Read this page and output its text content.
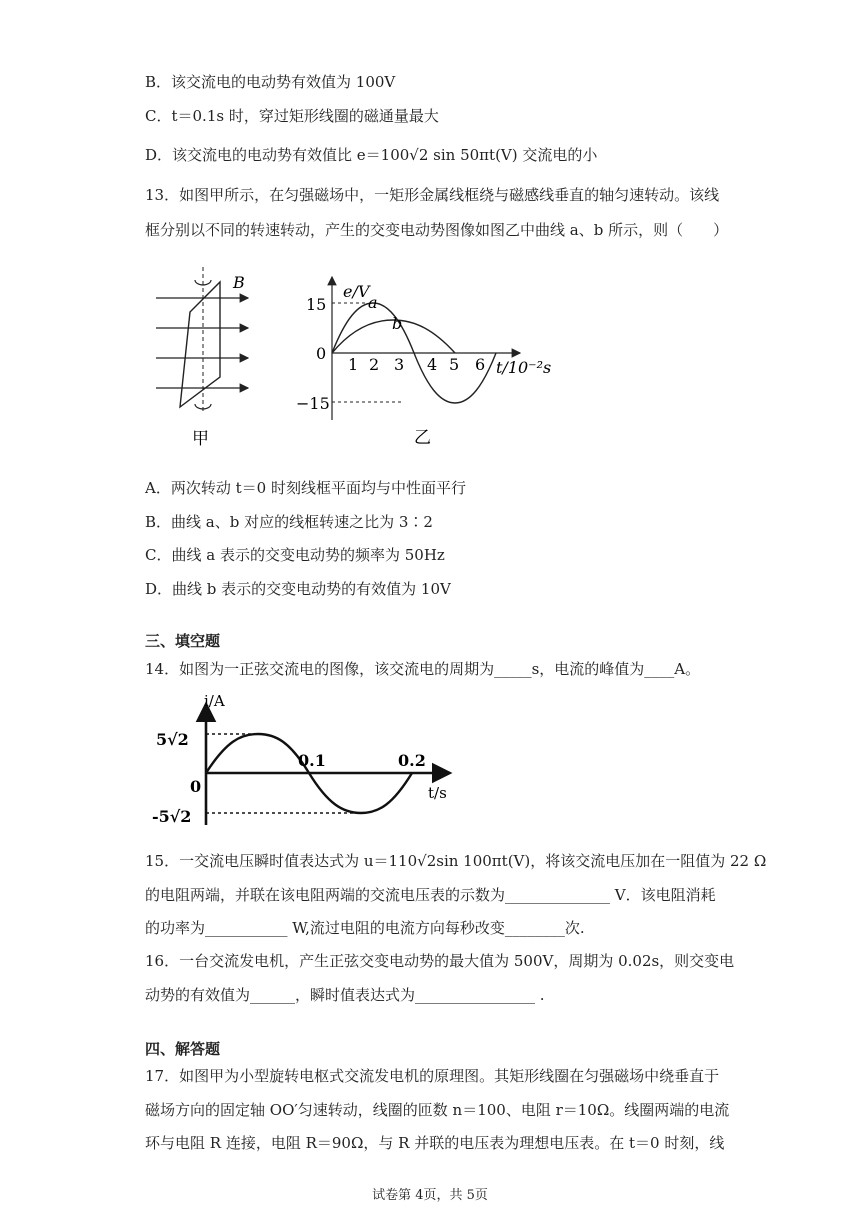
B．该交流电的电动势有效值为 100V
C．t＝0.1s 时，穿过矩形线圈的磁通量最大
D．该交流电的电动势有效值比 e＝100√2 sin 50πt(V) 交流电的小
13．如图甲所示，在匀强磁场中，一矩形金属线框绕与磁感线垂直的轴匀速转动。该线
框分别以不同的转速转动，产生的交变电动势图像如图乙中曲线 a、b 所示，则（　　）
B
甲
e/V
a
b
15
−15
0
1 2 3 4 5 6 t/10⁻²s
乙
A．两次转动 t＝0 时刻线框平面均与中性面平行
B．曲线 a、b 对应的线框转速之比为 3∶2
C．曲线 a 表示的交变电动势的频率为 50Hz
D．曲线 b 表示的交变电动势的有效值为 10V
三、填空题
14．如图为一正弦交流电的图像，该交流电的周期为_____s，电流的峰值为____A。
i/A
5√2
-5√2
0
0.1	0.2
t/s
15．一交流电压瞬时值表达式为 u＝110√2sin 100πt(V)，将该交流电压加在一阻值为 22 Ω
的电阻两端，并联在该电阻两端的交流电压表的示数为______________ V．该电阻消耗
的功率为___________ W,流过电阻的电流方向每秒改变________次.
16．一台交流发电机，产生正弦交变电动势的最大值为 500V，周期为 0.02s，则交变电
动势的有效值为______，瞬时值表达式为________________ .
四、解答题
17．如图甲为小型旋转电枢式交流发电机的原理图。其矩形线圈在匀强磁场中绕垂直于
磁场方向的固定轴 OO′匀速转动，线圈的匝数 n＝100、电阻 r＝10Ω。线圈两端的电流
环与电阻 R 连接，电阻 R＝90Ω，与 R 并联的电压表为理想电压表。在 t＝0 时刻，线
试卷第 4页，共 5页
